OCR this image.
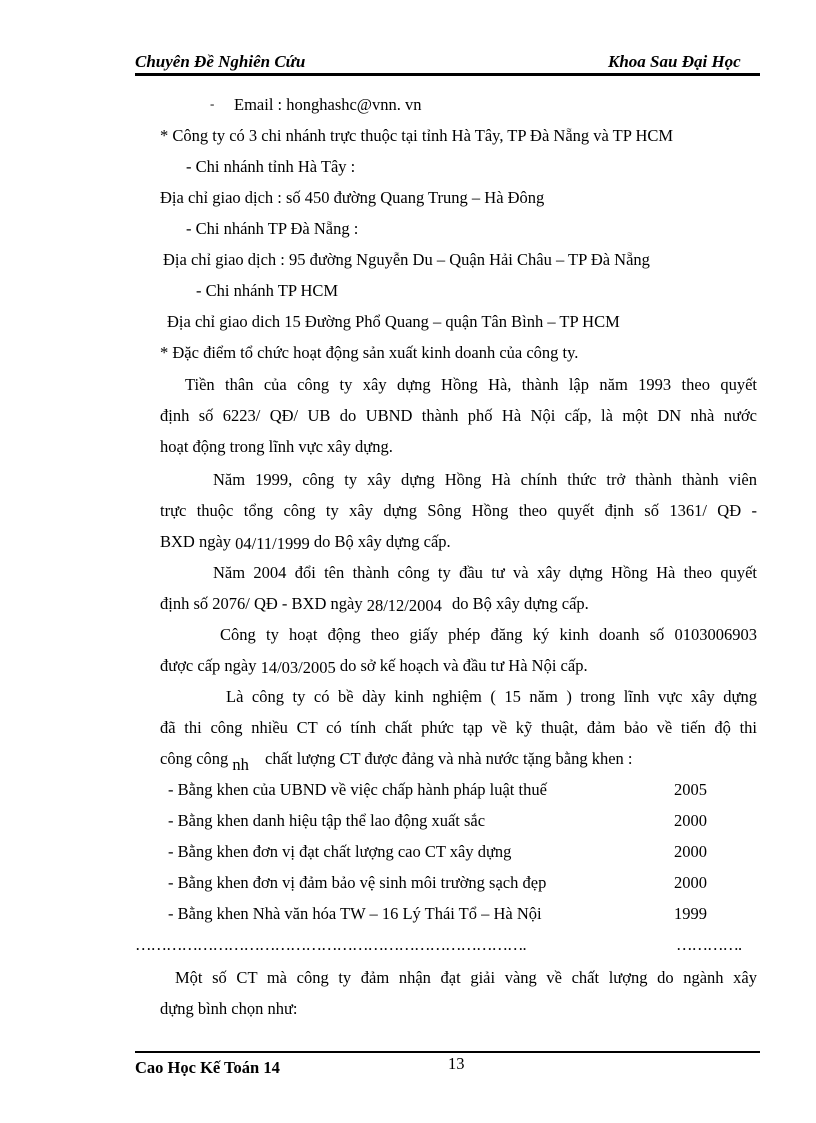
Chuyên Đề Nghiên Cứu	Khoa Sau Đại Học
- Email : honghashc@vnn. vn
* Công ty có 3 chi nhánh trực thuộc tại tỉnh Hà Tây, TP Đà Nẵng và TP HCM
- Chi nhánh tỉnh Hà Tây :
Địa chỉ giao dịch : số 450 đường Quang Trung – Hà Đông
- Chi nhánh TP Đà Nẵng :
Địa chỉ giao dịch : 95 đường Nguyễn Du – Quận Hải Châu – TP Đà Nẵng
- Chi nhánh TP HCM
Địa chỉ giao dich 15 Đường Phổ Quang – quận Tân Bình – TP HCM
* Đặc điểm tổ chức hoạt động sản xuất kinh doanh của công ty.
Tiền thân của công ty xây dựng Hồng Hà, thành lập năm 1993 theo quyết
định số 6223/ QĐ/ UB do UBND thành phố Hà Nội cấp, là một DN nhà nước
hoạt động trong lĩnh vực xây dựng.
Năm 1999, công ty xây dựng Hồng Hà chính thức trở thành thành viên
trực thuộc tổng công ty xây dựng Sông Hồng theo quyết định số 1361/ QĐ -
BXD ngày 04/11/1999 do Bộ xây dựng cấp.
Năm 2004 đổi tên thành công ty đầu tư và xây dựng Hồng Hà theo quyết
định số 2076/ QĐ - BXD ngày 28/12/2004 do Bộ xây dựng cấp.
Công ty hoạt động theo giấy phép đăng ký kinh doanh số 0103006903
được cấp ngày 14/03/2005 do sở kế hoạch và đầu tư Hà Nội cấp.
Là công ty có bề dày kinh nghiệm ( 15 năm ) trong lĩnh vực xây dựng
đã thi công nhiều CT có tính chất phức tạp về kỹ thuật, đảm bảo về tiến độ thi
công công nh chất lượng CT được đảng và nhà nước tặng bằng khen :
- Bằng khen của UBND về việc chấp hành pháp luật thuế	2005
- Bằng khen danh hiệu tập thể lao động xuất sắc	2000
- Bằng khen đơn vị đạt chất lượng cao CT xây dựng	2000
- Bằng khen đơn vị đảm bảo vệ sinh môi trường sạch đẹp	2000
- Bằng khen Nhà văn hóa TW – 16 Lý Thái Tổ – Hà Nội	1999
………………………………………………………………….	………….
Một số CT mà công ty đảm nhận đạt giải vàng về chất lượng do ngành xây
dựng bình chọn như:
Cao Học Kế Toán 14	13
